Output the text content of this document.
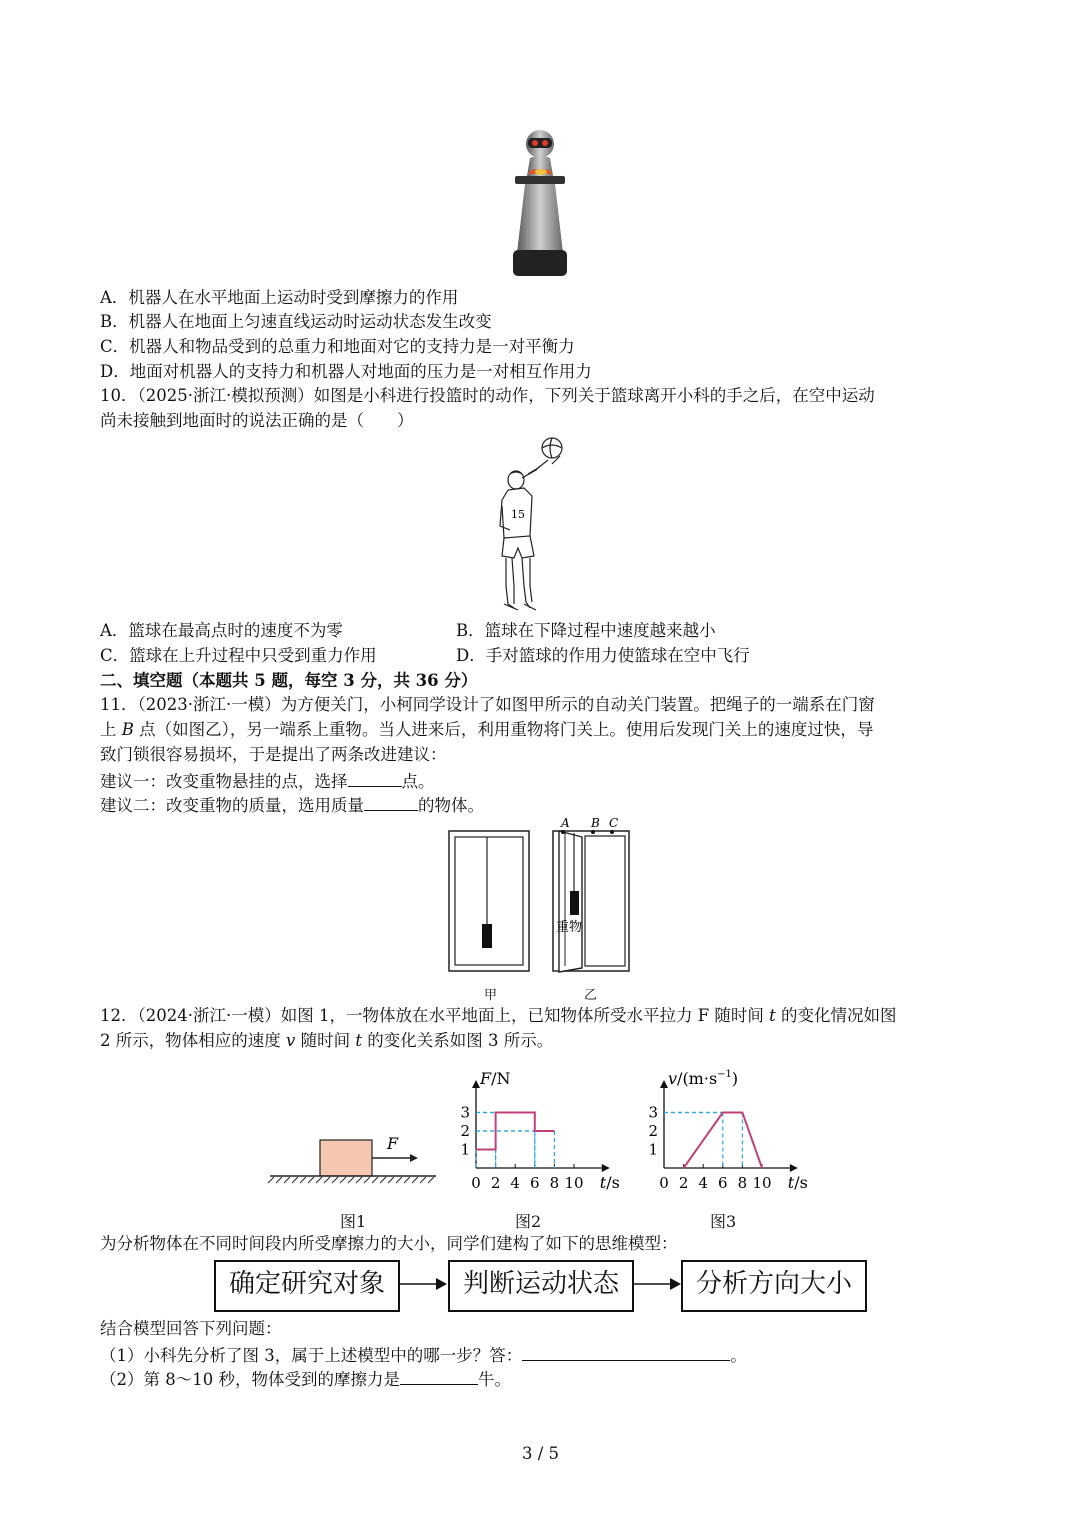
A．机器人在水平地面上运动时受到摩擦力的作用
B．机器人在地面上匀速直线运动时运动状态发生改变
C．机器人和物品受到的总重力和地面对它的支持力是一对平衡力
D．地面对机器人的支持力和机器人对地面的压力是一对相互作用力
10．（2025·浙江·模拟预测）如图是小科进行投篮时的动作，下列关于篮球离开小科的手之后，在空中运动
尚未接触到地面时的说法正确的是（　　）
15
A．篮球在最高点时的速度不为零	B．篮球在下降过程中速度越来越小
C．篮球在上升过程中只受到重力作用	D．手对篮球的作用力使篮球在空中飞行
二、填空题（本题共 5 题，每空 3 分，共 36 分）
11．（2023·浙江·一模）为方便关门，小柯同学设计了如图甲所示的自动关门装置。把绳子的一端系在门窗
上 B 点（如图乙），另一端系上重物。当人进来后，利用重物将门关上。使用后发现门关上的速度过快，导
致门锁很容易损坏，于是提出了两条改进建议：
建议一：改变重物悬挂的点，选择	点。
建议二：改变重物的质量，选用质量	的物体。
A B C
重物
甲	乙
12．（2024·浙江·一模）如图 1，一物体放在水平地面上，已知物体所受水平拉力 F 随时间 t 的变化情况如图
2 所示，物体相应的速度 v 随时间 t 的变化关系如图 3 所示。
F
0 2 4 6 8 10
1
2
3
t/s
F/N
0 2 4 6 8 10
1
2
3
t/s
$v/(m\cdot s^{-1})$
图1	图2	图3
为分析物体在不同时间段内所受摩擦力的大小，同学们建构了如下的思维模型：
确定研究对象	判断运动状态	分析方向大小
结合模型回答下列问题：
（1）小科先分析了图 3，属于上述模型中的哪一步？答：	。
（2）第 8～10 秒，物体受到的摩擦力是	牛。
3 / 5
